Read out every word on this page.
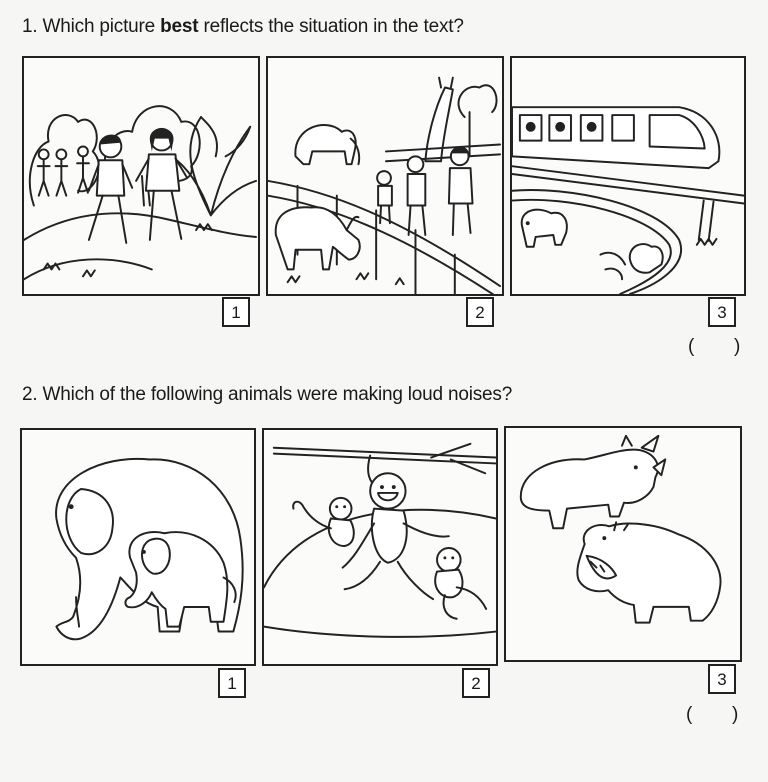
1. Which picture best reflects the situation in the text?
1	2	3
( )
2. Which of the following animals were making loud noises?
1	2	3
( )
